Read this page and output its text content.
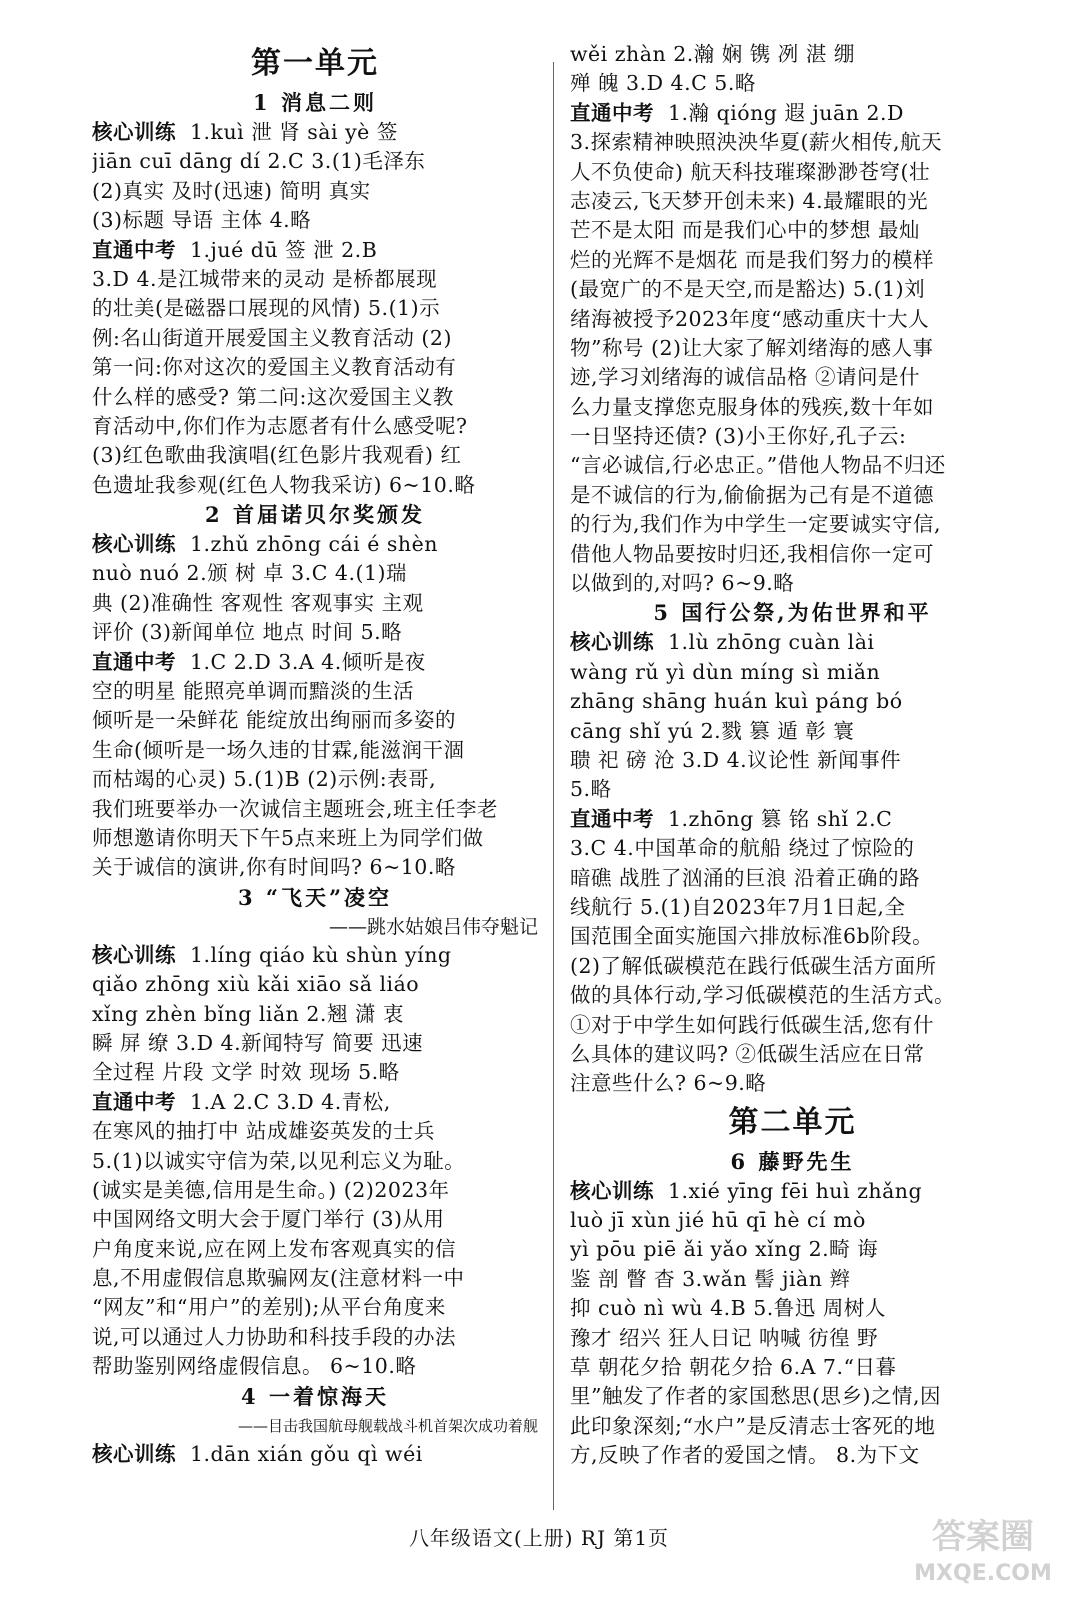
第一单元
1 消息二则
核心训练 1.kuì 泄 肾 sài yè 签
jiān cuī dāng dí 2.C 3.(1)毛泽东
(2)真实 及时(迅速) 简明 真实
(3)标题 导语 主体 4.略
直通中考 1.jué dū 签 泄 2.B
3.D 4.是江城带来的灵动 是桥都展现
的壮美(是磁器口展现的风情) 5.(1)示
例:名山街道开展爱国主义教育活动 (2)
第一问:你对这次的爱国主义教育活动有
什么样的感受? 第二问:这次爱国主义教
育活动中,你们作为志愿者有什么感受呢?
(3)红色歌曲我演唱(红色影片我观看) 红
色遗址我参观(红色人物我采访) 6~10.略
2 首届诺贝尔奖颁发
核心训练 1.zhǔ zhōng cái é shèn
nuò nuó 2.颁 树 卓 3.C 4.(1)瑞
典 (2)准确性 客观性 客观事实 主观
评价 (3)新闻单位 地点 时间 5.略
直通中考 1.C 2.D 3.A 4.倾听是夜
空的明星 能照亮单调而黯淡的生活
倾听是一朵鲜花 能绽放出绚丽而多姿的
生命(倾听是一场久违的甘霖,能滋润干涸
而枯竭的心灵) 5.(1)B (2)示例:表哥,
我们班要举办一次诚信主题班会,班主任李老
师想邀请你明天下午5点来班上为同学们做
关于诚信的演讲,你有时间吗? 6~10.略
3 “飞天”凌空
——跳水姑娘吕伟夺魁记
核心训练 1.líng qiáo kù shùn yíng
qiǎo zhōng xiù kǎi xiāo sǎ liáo
xǐng zhèn bǐng liǎn 2.翘 潇 衷
瞬 屏 缭 3.D 4.新闻特写 简要 迅速
全过程 片段 文学 时效 现场 5.略
直通中考 1.A 2.C 3.D 4.青松,
在寒风的抽打中 站成雄姿英发的士兵
5.(1)以诚实守信为荣,以见利忘义为耻。
(诚实是美德,信用是生命。) (2)2023年
中国网络文明大会于厦门举行 (3)从用
户角度来说,应在网上发布客观真实的信
息,不用虚假信息欺骗网友(注意材料一中
“网友”和“用户”的差别);从平台角度来
说,可以通过人力协助和科技手段的办法
帮助鉴别网络虚假信息。 6~10.略
4 一着惊海天
——目击我国航母舰载战斗机首架次成功着舰
核心训练 1.dān xián gǒu qì wéi
wěi zhàn 2.瀚 娴 镌 冽 湛 绷
殚 魄 3.D 4.C 5.略
直通中考 1.瀚 qióng 遐 juān 2.D
3.探索精神映照泱泱华夏(薪火相传,航天
人不负使命) 航天科技璀璨渺渺苍穹(壮
志凌云,飞天梦开创未来) 4.最耀眼的光
芒不是太阳 而是我们心中的梦想 最灿
烂的光辉不是烟花 而是我们努力的模样
(最宽广的不是天空,而是豁达) 5.(1)刘
绪海被授予2023年度“感动重庆十大人
物”称号 (2)让大家了解刘绪海的感人事
迹,学习刘绪海的诚信品格 ②请问是什
么力量支撑您克服身体的残疾,数十年如
一日坚持还债? (3)小王你好,孔子云:
“言必诚信,行必忠正。”借他人物品不归还
是不诚信的行为,偷偷据为己有是不道德
的行为,我们作为中学生一定要诚实守信,
借他人物品要按时归还,我相信你一定可
以做到的,对吗? 6~9.略
5 国行公祭,为佑世界和平
核心训练 1.lù zhōng cuàn lài
wàng rǔ yì dùn míng sì miǎn
zhāng shāng huán kuì páng bó
cāng shǐ yú 2.戮 篡 遁 彰 寰
聩 祀 磅 沧 3.D 4.议论性 新闻事件
5.略
直通中考 1.zhōng 篡 铭 shǐ 2.C
3.C 4.中国革命的航船 绕过了惊险的
暗礁 战胜了汹涌的巨浪 沿着正确的路
线航行 5.(1)自2023年7月1日起,全
国范围全面实施国六排放标准6b阶段。
(2)了解低碳模范在践行低碳生活方面所
做的具体行动,学习低碳模范的生活方式。
①对于中学生如何践行低碳生活,您有什
么具体的建议吗? ②低碳生活应在日常
注意些什么? 6~9.略
第二单元
6 藤野先生
核心训练 1.xié yīng fēi huì zhǎng
luò jī xùn jié hū qī hè cí mò
yì pōu piē ǎi yǎo xǐng 2.畸 诲
鉴 剖 瞥 杳 3.wǎn 髻 jiàn 辫
抑 cuò nì wù 4.B 5.鲁迅 周树人
豫才 绍兴 狂人日记 呐喊 彷徨 野
草 朝花夕拾 朝花夕拾 6.A 7.“日暮
里”触发了作者的家国愁思(思乡)之情,因
此印象深刻;“水户”是反清志士客死的地
方,反映了作者的爱国之情。 8.为下文
八年级语文(上册) RJ 第1页	答案圈
MXQE.COM
